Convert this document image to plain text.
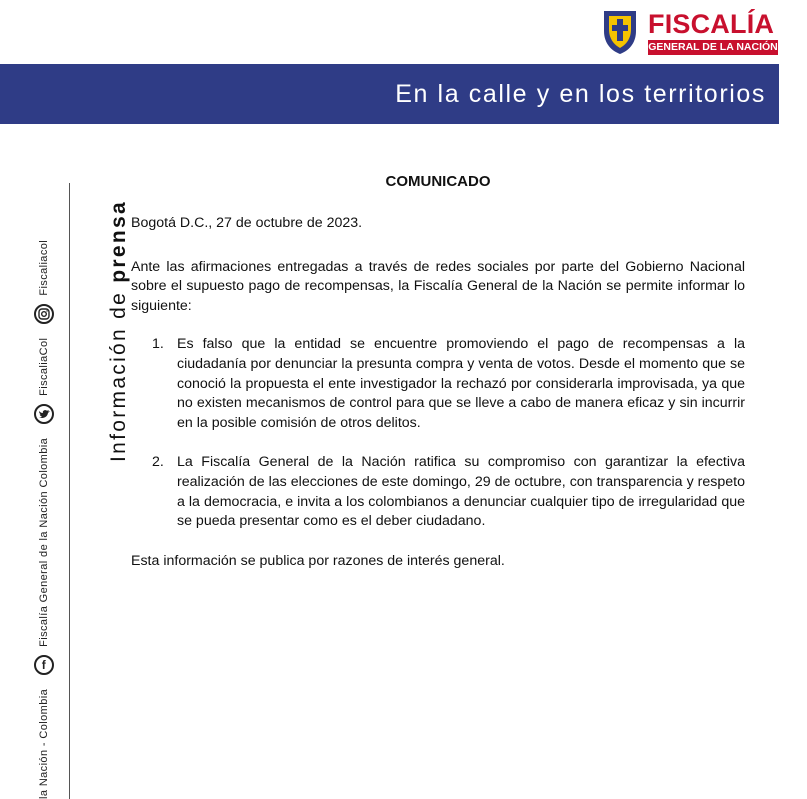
FISCALÍA
GENERAL DE LA NACIÓN
En la calle y en los territorios
la Nación - Colombia
f
Fiscalía General de la Nación Colombia
FiscaliaCol
Fiscaliacol
Información de prensa
COMUNICADO
Bogotá D.C., 27 de octubre de 2023.
Ante las afirmaciones entregadas a través de redes sociales por parte del Gobierno Nacional sobre el supuesto pago de recompensas, la Fiscalía General de la Nación se permite informar lo siguiente:
1. Es falso que la entidad se encuentre promoviendo el pago de recompensas a la ciudadanía por denunciar la presunta compra y venta de votos. Desde el momento que se conoció la propuesta el ente investigador la rechazó por considerarla improvisada, ya que no existen mecanismos de control para que se lleve a cabo de manera eficaz y sin incurrir en la posible comisión de otros delitos.
2. La Fiscalía General de la Nación ratifica su compromiso con garantizar la efectiva realización de las elecciones de este domingo, 29 de octubre, con transparencia y respeto a la democracia, e invita a los colombianos a denunciar cualquier tipo de irregularidad que se pueda presentar como es el deber ciudadano.
Esta información se publica por razones de interés general.
